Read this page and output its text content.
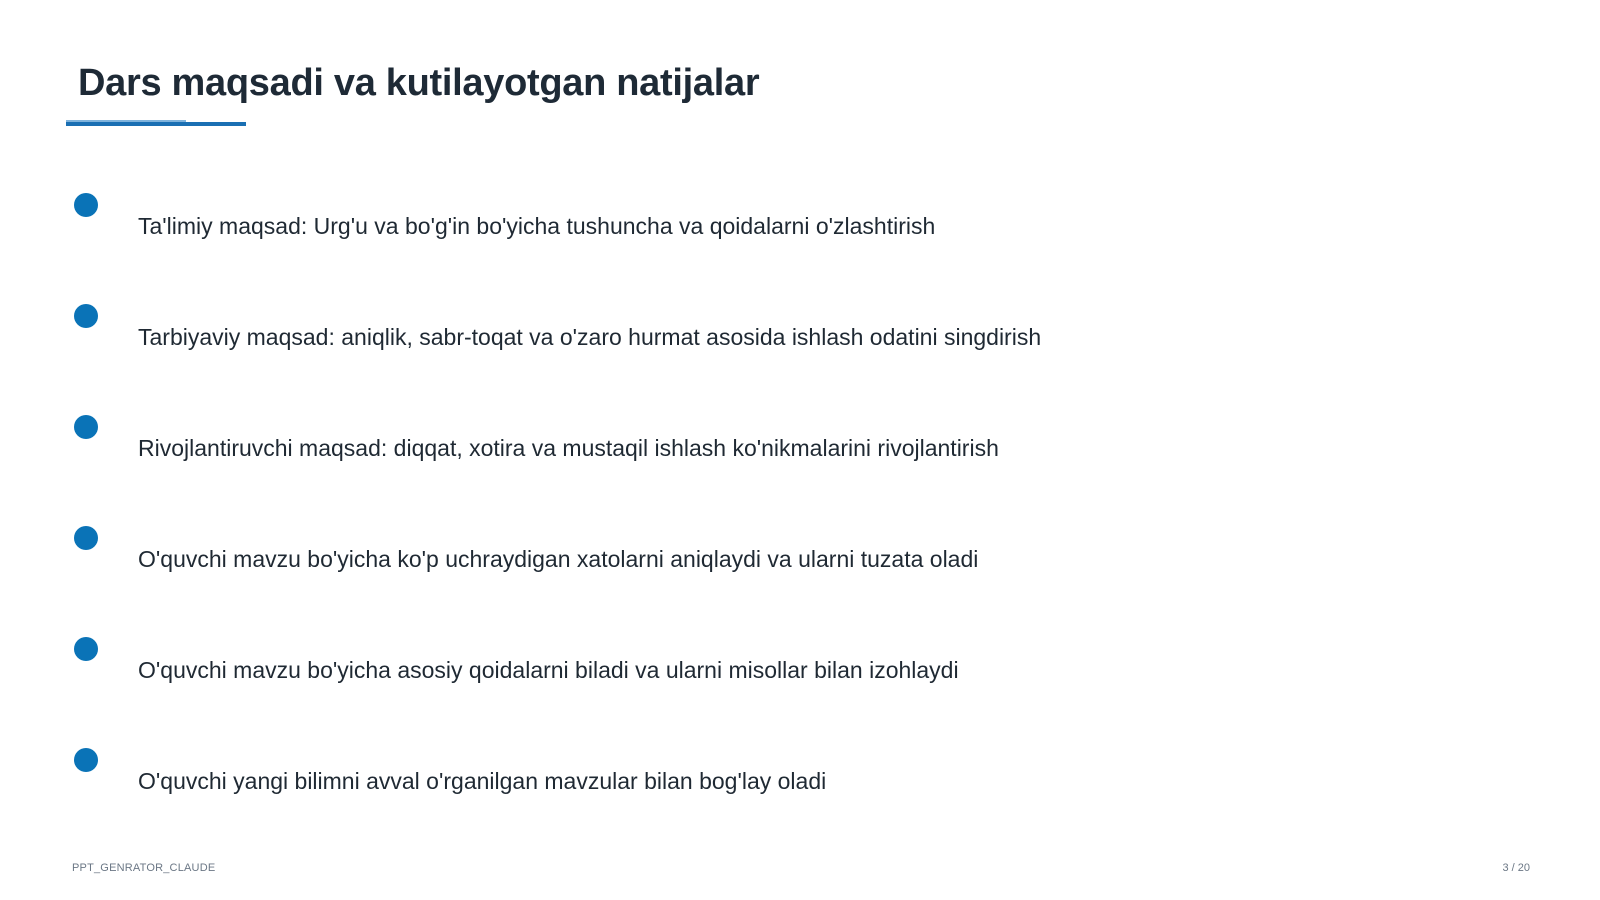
Dars maqsadi va kutilayotgan natijalar
Ta'limiy maqsad: Urg'u va bo'g'in bo'yicha tushuncha va qoidalarni o'zlashtirish
Tarbiyaviy maqsad: aniqlik, sabr-toqat va o'zaro hurmat asosida ishlash odatini singdirish
Rivojlantiruvchi maqsad: diqqat, xotira va mustaqil ishlash ko'nikmalarini rivojlantirish
O'quvchi mavzu bo'yicha ko'p uchraydigan xatolarni aniqlaydi va ularni tuzata oladi
O'quvchi mavzu bo'yicha asosiy qoidalarni biladi va ularni misollar bilan izohlaydi
O'quvchi yangi bilimni avval o'rganilgan mavzular bilan bog'lay oladi
PPT_GENRATOR_CLAUDE	3 / 20
